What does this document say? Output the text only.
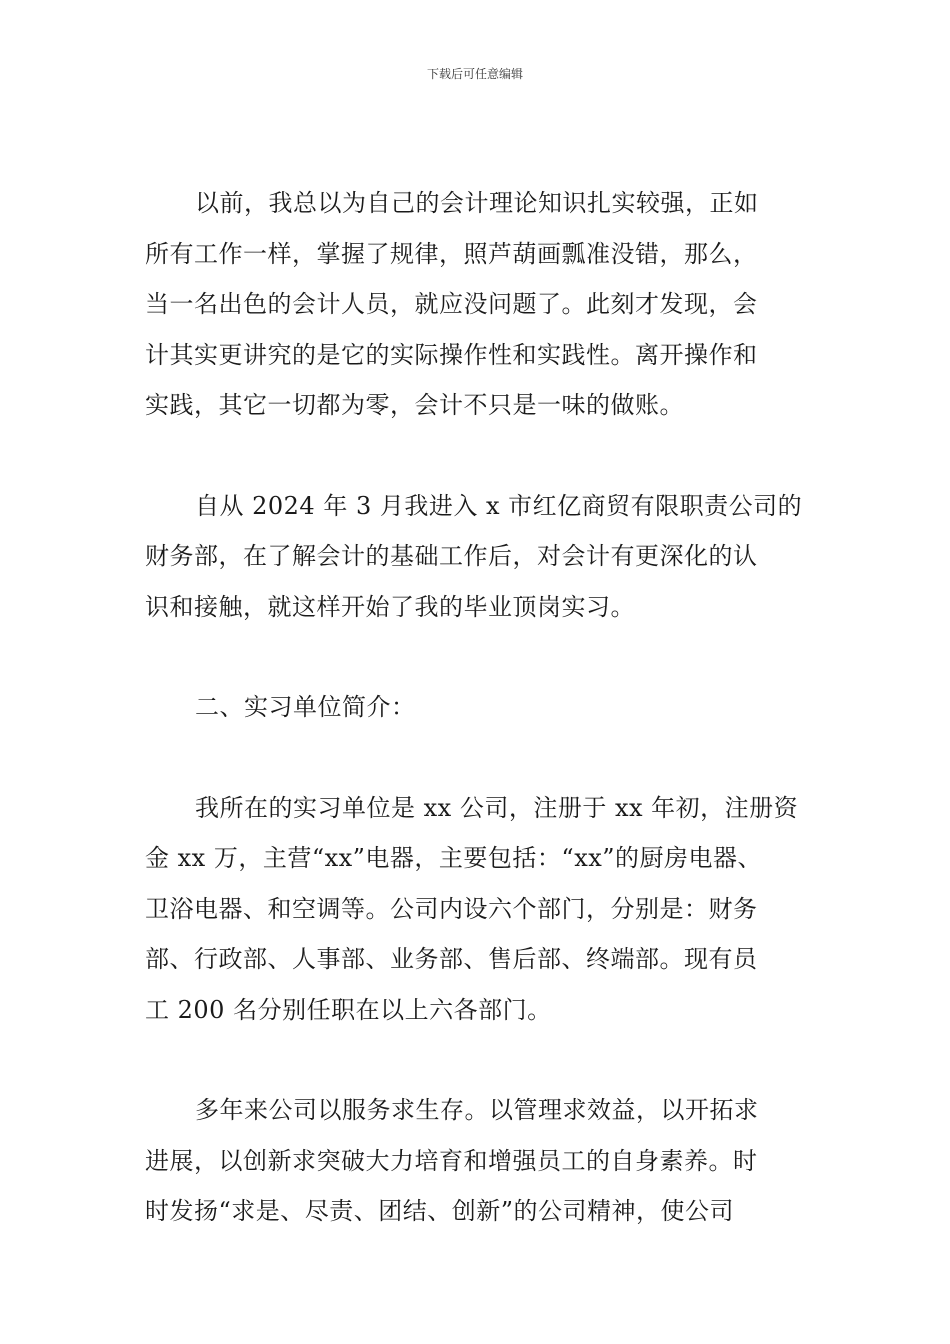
下载后可任意编辑
以前，我总以为自己的会计理论知识扎实较强，正如
所有工作一样，掌握了规律，照芦葫画瓢准没错，那么，
当一名出色的会计人员，就应没问题了。此刻才发现，会
计其实更讲究的是它的实际操作性和实践性。离开操作和
实践，其它一切都为零，会计不只是一味的做账。
自从 2024 年 3 月我进入 x 市红亿商贸有限职责公司的
财务部，在了解会计的基础工作后，对会计有更深化的认
识和接触，就这样开始了我的毕业顶岗实习。
二、实习单位简介：
我所在的实习单位是 xx 公司，注册于 xx 年初，注册资
金 xx 万，主营“xx”电器，主要包括：“xx”的厨房电器、
卫浴电器、和空调等。公司内设六个部门，分别是：财务
部、行政部、人事部、业务部、售后部、终端部。现有员
工 200 名分别任职在以上六各部门。
多年来公司以服务求生存。以管理求效益，以开拓求
进展，以创新求突破大力培育和增强员工的自身素养。时
时发扬“求是、尽责、团结、创新”的公司精神，使公司
